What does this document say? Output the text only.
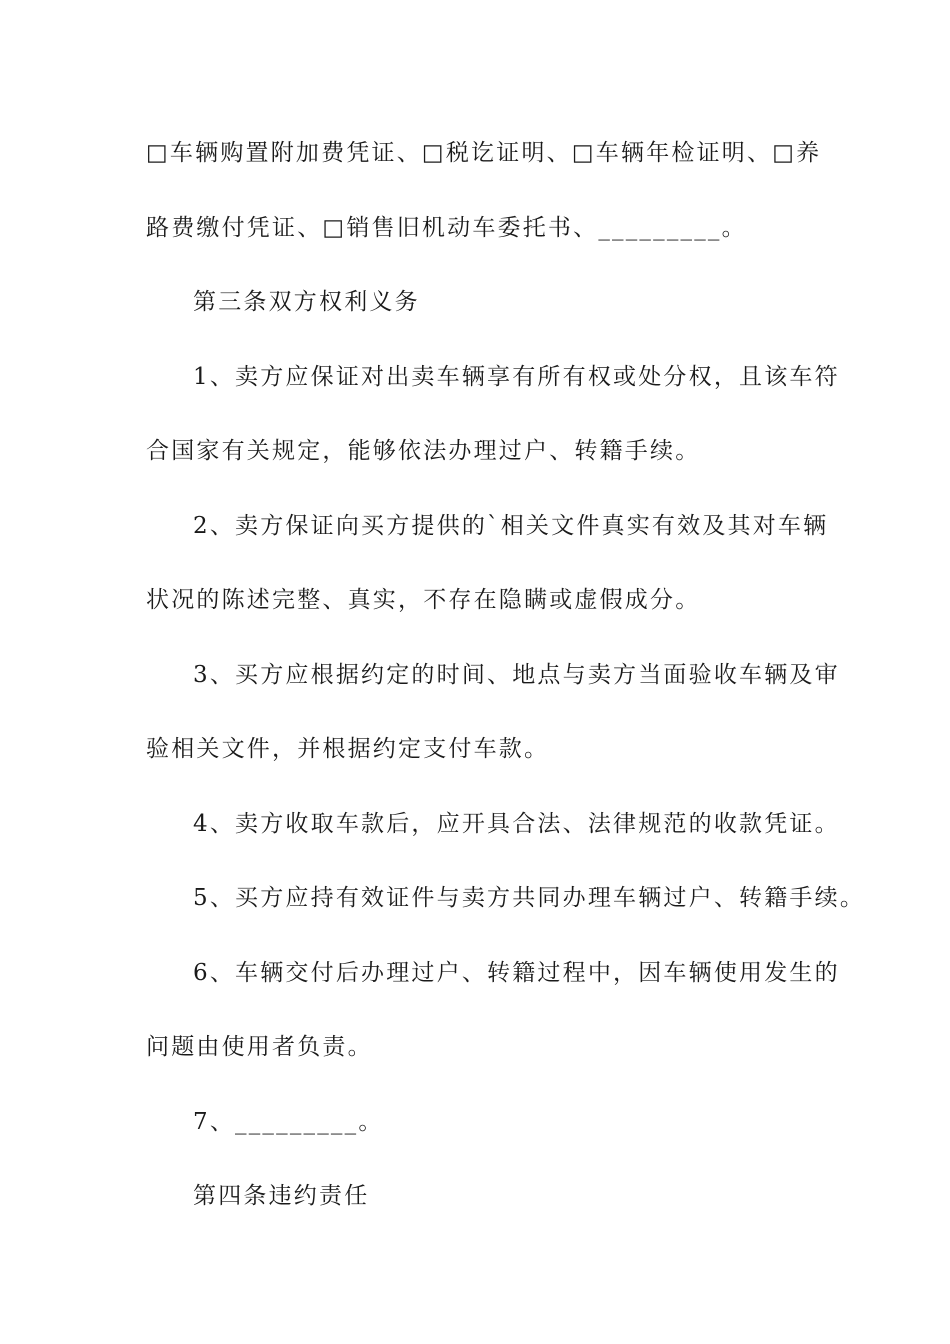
□车辆购置附加费凭证、□税讫证明、□车辆年检证明、□养
路费缴付凭证、□销售旧机动车委托书、_________。
第三条双方权利义务
1、卖方应保证对出卖车辆享有所有权或处分权，且该车符
合国家有关规定，能够依法办理过户、转籍手续。
2、卖方保证向买方提供的`相关文件真实有效及其对车辆
状况的陈述完整、真实，不存在隐瞒或虚假成分。
3、买方应根据约定的时间、地点与卖方当面验收车辆及审
验相关文件，并根据约定支付车款。
4、卖方收取车款后，应开具合法、法律规范的收款凭证。
5、买方应持有效证件与卖方共同办理车辆过户、转籍手续。
6、车辆交付后办理过户、转籍过程中，因车辆使用发生的
问题由使用者负责。
7、_________。
第四条违约责任
